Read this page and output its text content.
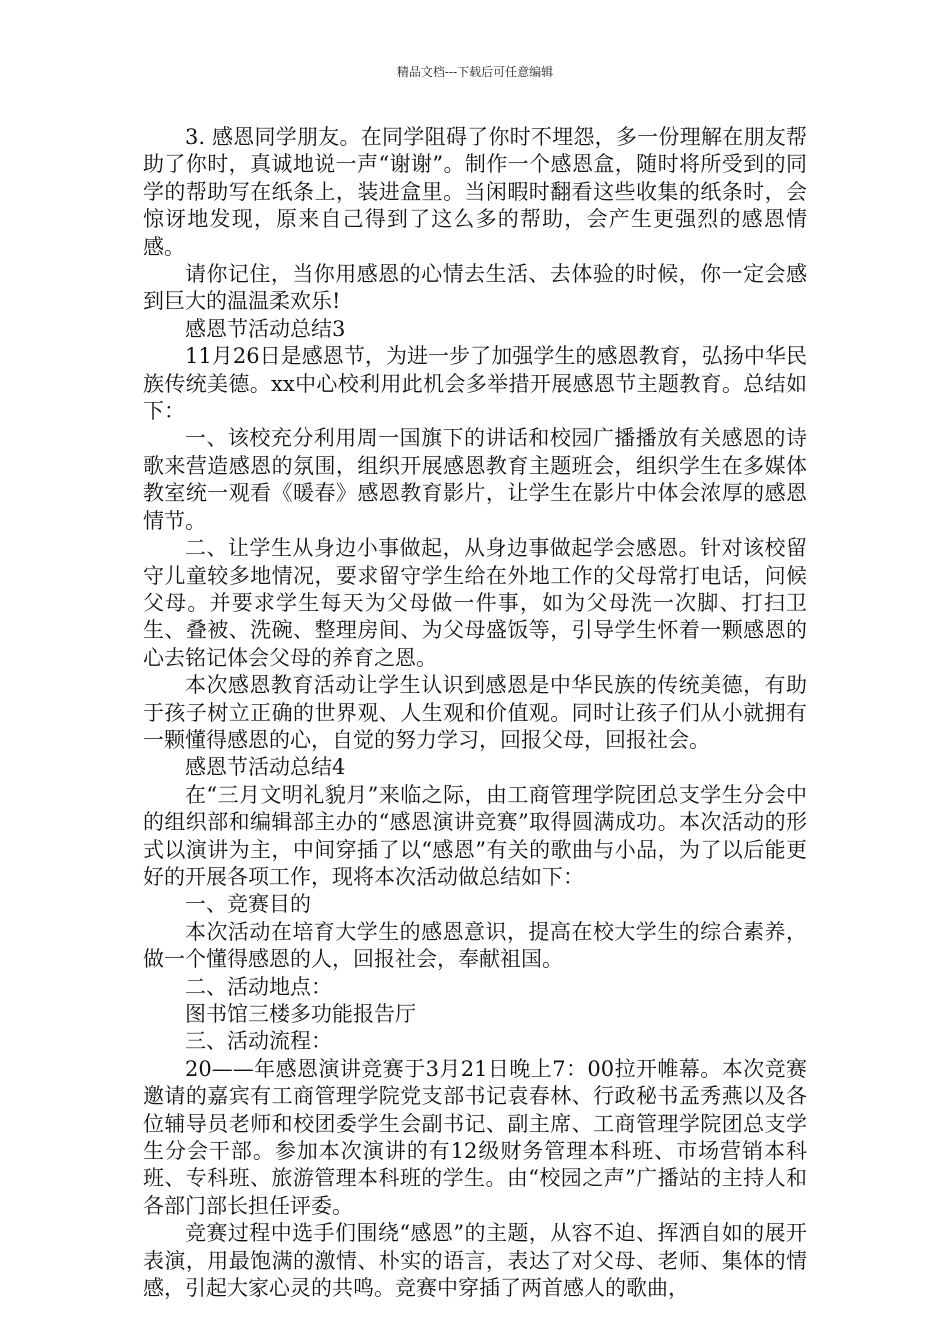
精品文档---下载后可任意编辑

3. 感恩同学朋友。在同学阻碍了你时不埋怨，多一份理解在朋友帮助了你时，真诚地说一声“谢谢”。制作一个感恩盒，随时将所受到的同学的帮助写在纸条上，装进盒里。当闲暇时翻看这些收集的纸条时，会惊讶地发现，原来自己得到了这么多的帮助，会产生更强烈的感恩情感。

请你记住，当你用感恩的心情去生活、去体验的时候，你一定会感到巨大的温温柔欢乐!

感恩节活动总结3

11月26日是感恩节，为进一步了加强学生的感恩教育，弘扬中华民族传统美德。xx中心校利用此机会多举措开展感恩节主题教育。总结如下：

一、该校充分利用周一国旗下的讲话和校园广播播放有关感恩的诗歌来营造感恩的氛围，组织开展感恩教育主题班会，组织学生在多媒体教室统一观看《暖春》感恩教育影片，让学生在影片中体会浓厚的感恩情节。

二、让学生从身边小事做起，从身边事做起学会感恩。针对该校留守儿童较多地情况，要求留守学生给在外地工作的父母常打电话，问候父母。并要求学生每天为父母做一件事，如为父母洗一次脚、打扫卫生、叠被、洗碗、整理房间、为父母盛饭等，引导学生怀着一颗感恩的心去铭记体会父母的养育之恩。

本次感恩教育活动让学生认识到感恩是中华民族的传统美德，有助于孩子树立正确的世界观、人生观和价值观。同时让孩子们从小就拥有一颗懂得感恩的心，自觉的努力学习，回报父母，回报社会。

感恩节活动总结4

在“三月文明礼貌月”来临之际，由工商管理学院团总支学生分会中的组织部和编辑部主办的“感恩演讲竞赛”取得圆满成功。本次活动的形式以演讲为主，中间穿插了以“感恩”有关的歌曲与小品，为了以后能更好的开展各项工作，现将本次活动做总结如下：

一、竞赛目的

本次活动在培育大学生的感恩意识，提高在校大学生的综合素养，做一个懂得感恩的人，回报社会，奉献祖国。

二、活动地点：

图书馆三楼多功能报告厅

三、活动流程：

20——年感恩演讲竞赛于3月21日晚上7：00拉开帷幕。本次竞赛邀请的嘉宾有工商管理学院党支部书记袁春林、行政秘书孟秀燕以及各位辅导员老师和校团委学生会副书记、副主席、工商管理学院团总支学生分会干部。参加本次演讲的有12级财务管理本科班、市场营销本科班、专科班、旅游管理本科班的学生。由“校园之声”广播站的主持人和各部门部长担任评委。

竞赛过程中选手们围绕“感恩”的主题，从容不迫、挥洒自如的展开表演，用最饱满的激情、朴实的语言，表达了对父母、老师、集体的情感，引起大家心灵的共鸣。竞赛中穿插了两首感人的歌曲，
